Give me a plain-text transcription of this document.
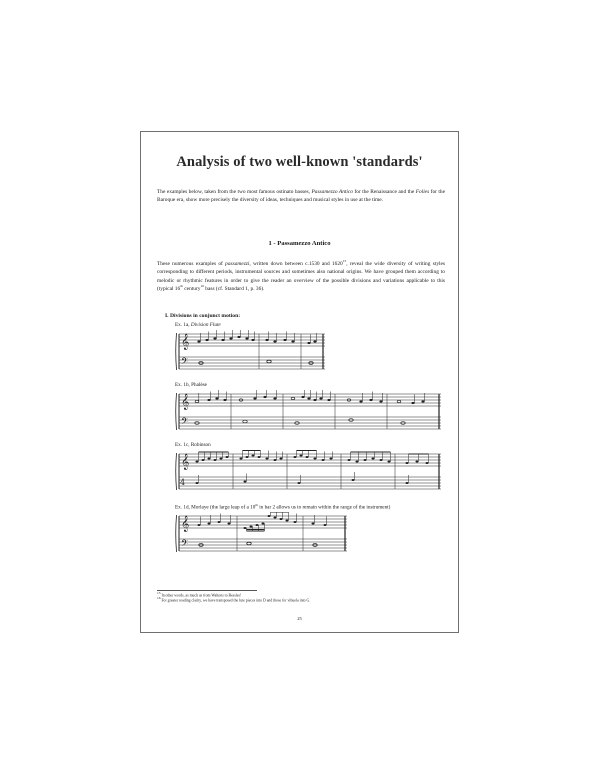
Analysis of two well-known 'standards'
The examples below, taken from the two most famous ostinato basses, Passamezzo Antico for the Renaissance and the Folies for the Baroque era, show more precisely the diversity of ideas, techniques and musical styles in use at the time.
1 - Passamezzo Antico
These numerous examples of passamezzi, written down between c.1530 and 1620$^{15}$, reveal the wide diversity of writing styles corresponding to different periods, instrumental sources and sometimes also national origins. We have grouped them according to melodic or rhythmic features in order to give the reader an overview of the possible divisions and variations applicable to this (typical 16th century$^{16}$ bass (cf. Standard 1, p. 36).
I. Divisions in conjunct motion:
Ex. 1a, Division Flute
𝄞
𝄢
Ex. 1b, Phalèse
𝄞
𝄢
Ex. 1c, Robinson
𝄞
4
Ex. 1d, Morlaye (the large leap of a 10th in bar 2 allows us to remain within the range of the instrument)
𝄞
𝄢
$^{15}$ In other words, as much as from Waltons to Bessles!
$^{16}$ For greater reading clarity, we have transposed the lute pieces into D and those for vihuela into G.
25
